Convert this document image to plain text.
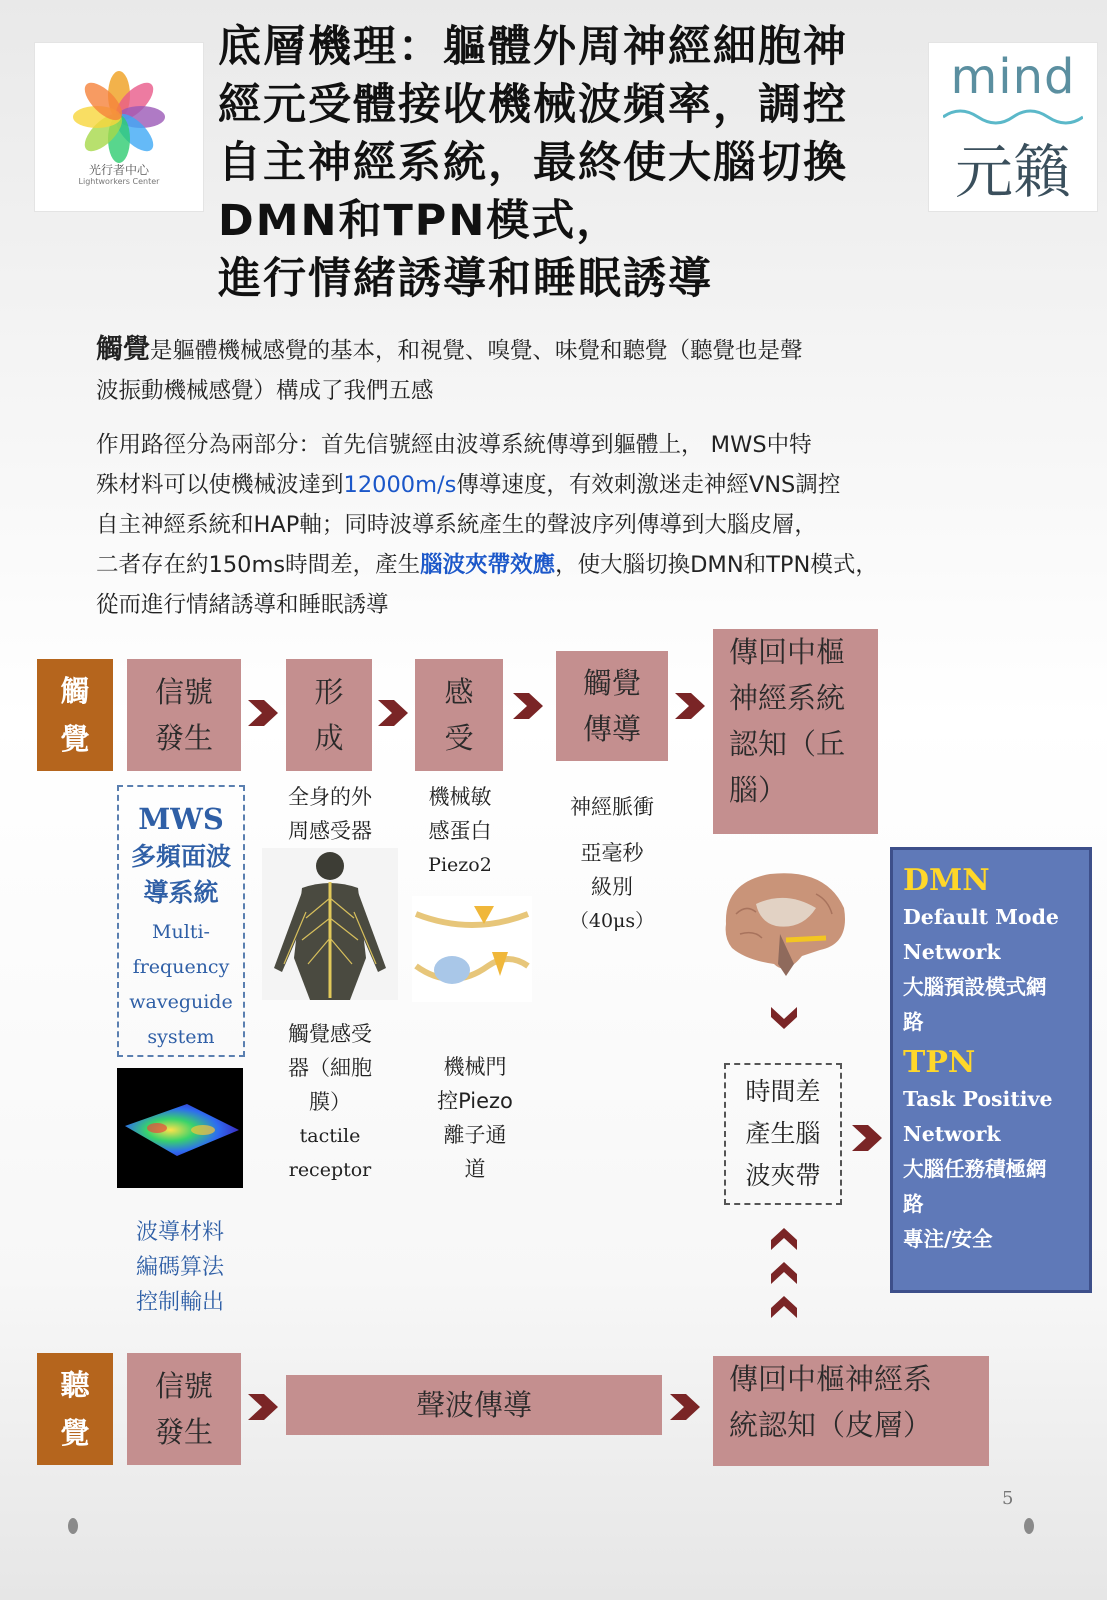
光行者中心
Lightworkers Center
底層機理：軀體外周神經細胞神
經元受體接收機械波頻率，調控
自主神經系統，最終使大腦切換
DMN和TPN模式，
進行情緒誘導和睡眠誘導
mind
元籟
觸覺是軀體機械感覺的基本，和視覺、嗅覺、味覺和聽覺（聽覺也是聲
波振動機械感覺）構成了我們五感
作用路徑分為兩部分：首先信號經由波導系統傳導到軀體上， MWS中特
殊材料可以使機械波達到12000m/s傳導速度，有效刺激迷走神經VNS調控
自主神經系統和HAP軸；同時波導系統產生的聲波序列傳導到大腦皮層，
二者存在約150ms時間差，產生腦波夾帶效應，使大腦切換DMN和TPN模式，
從而進行情緒誘導和睡眠誘導
觸
覺
信號
發生
形
成
感
受
觸覺
傳導
傳回中樞
神經系統
認知（丘
腦）
MWS
多頻面波
導系統
Multi-
frequency
waveguide
system
波導材料
編碼算法
控制輸出
全身的外
周感受器
觸覺感受
器（細胞
膜）
tactile
receptor
機械敏
感蛋白
Piezo2
機械門
控Piezo
離子通
道
神經脈衝
亞毫秒
級別
（40μs）
時間差
產生腦
波夾帶
DMN
Default Mode
Network
大腦預設模式網
路
TPN
Task Positive
Network
大腦任務積極網
路
專注/安全
聽
覺
信號
發生
聲波傳導
傳回中樞神經系
統認知（皮層）
5
